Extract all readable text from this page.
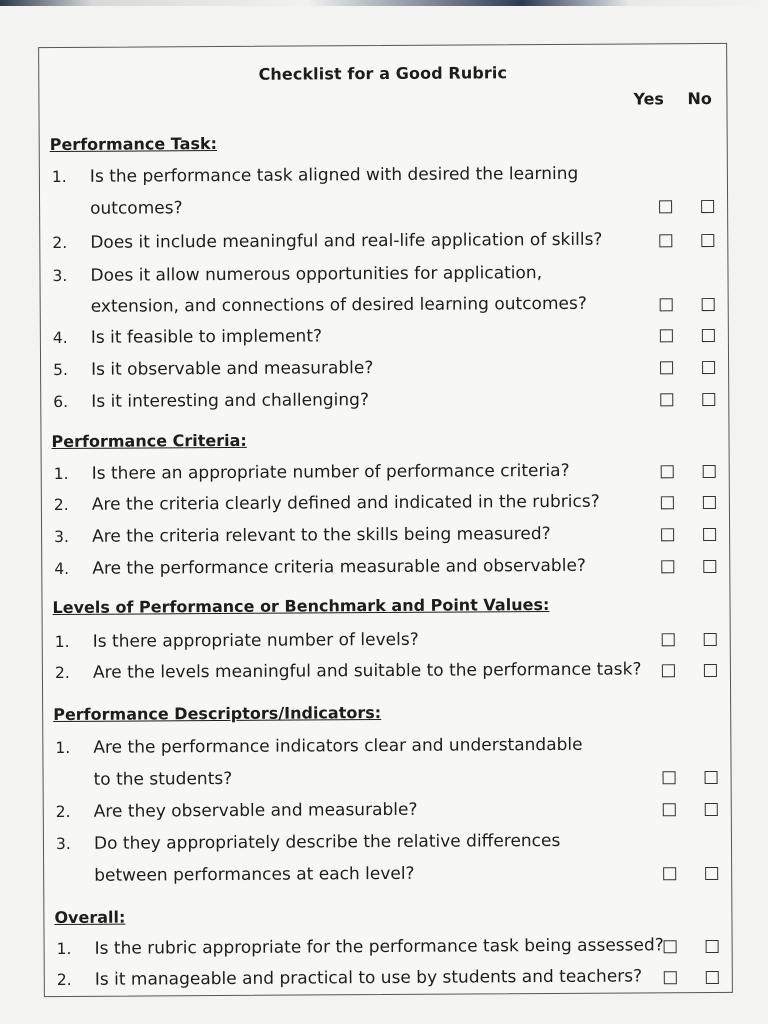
Checklist for a Good Rubric
Yes No
Performance Task:
1. Is the performance task aligned with desired the learning
outcomes?
2. Does it include meaningful and real-life application of skills?
3. Does it allow numerous opportunities for application,
extension, and connections of desired learning outcomes?
4. Is it feasible to implement?
5. Is it observable and measurable?
6. Is it interesting and challenging?
Performance Criteria:
1. Is there an appropriate number of performance criteria?
2. Are the criteria clearly defined and indicated in the rubrics?
3. Are the criteria relevant to the skills being measured?
4. Are the performance criteria measurable and observable?
Levels of Performance or Benchmark and Point Values:
1. Is there appropriate number of levels?
2. Are the levels meaningful and suitable to the performance task?
Performance Descriptors/Indicators:
1. Are the performance indicators clear and understandable
to the students?
2. Are they observable and measurable?
3. Do they appropriately describe the relative differences
between performances at each level?
Overall:
1. Is the rubric appropriate for the performance task being assessed?
2. Is it manageable and practical to use by students and teachers?
